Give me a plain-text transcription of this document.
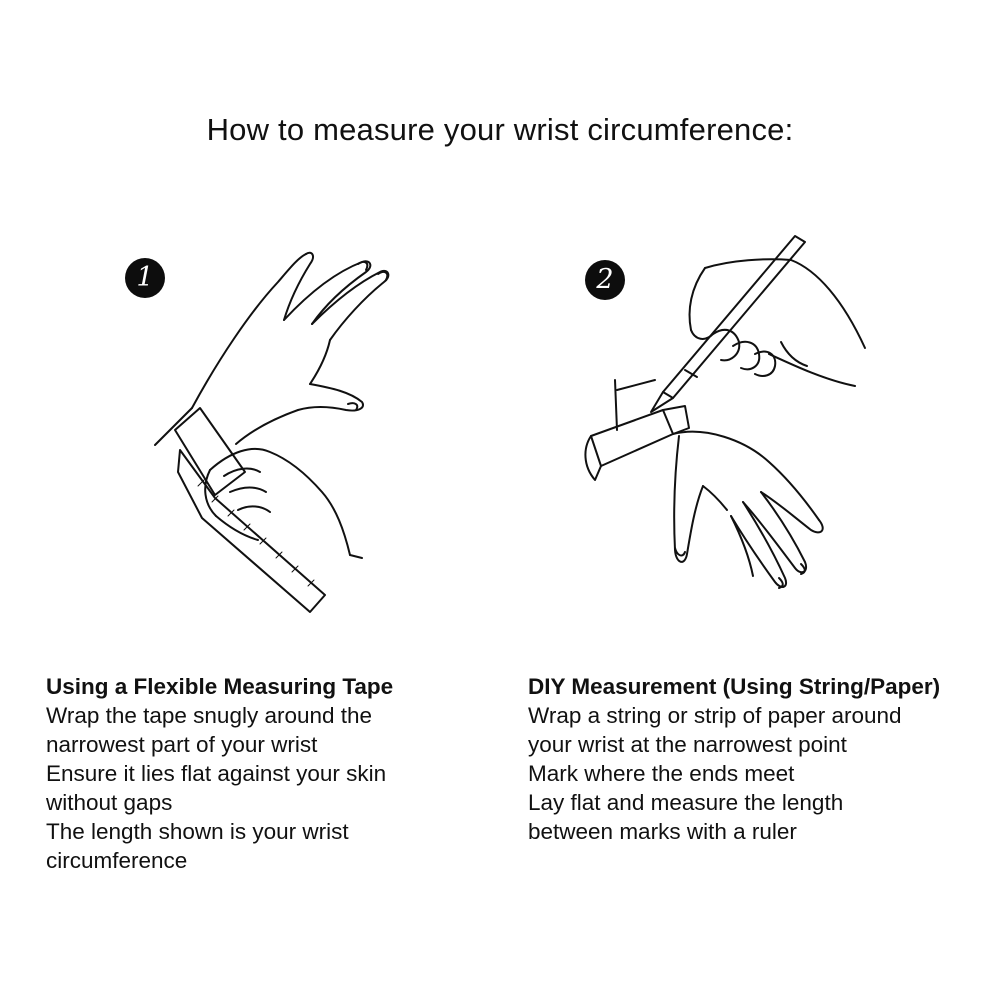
How to measure your wrist circumference:
1	2
Using a Flexible Measuring Tape
Wrap the tape snugly around the
narrowest part of your wrist
Ensure it lies flat against your skin
without gaps
The length shown is your wrist
circumference
DIY Measurement (Using String/Paper)
Wrap a string or strip of paper around
your wrist at the narrowest point
Mark where the ends meet
Lay flat and measure the length
between marks with a ruler
